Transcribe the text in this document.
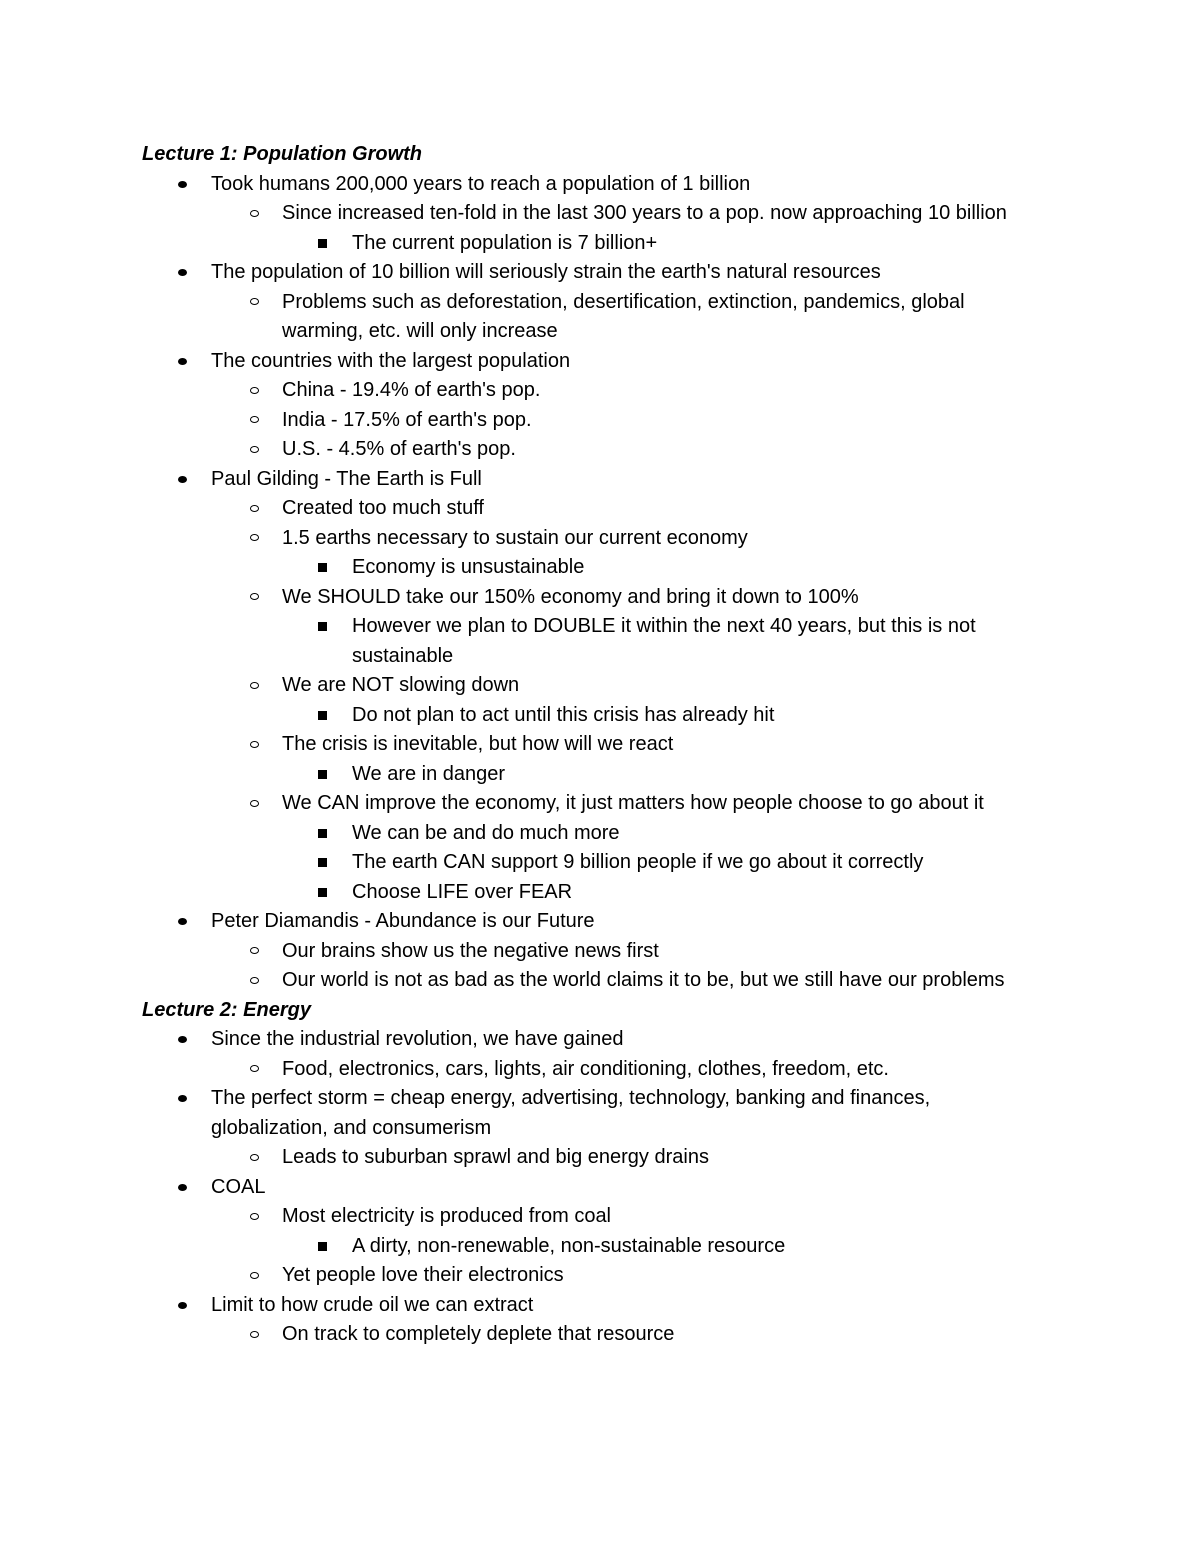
Lecture 1: Population Growth
Took humans 200,000 years to reach a population of 1 billion
Since increased ten-fold in the last 300 years to a pop. now approaching 10 billion
The current population is 7 billion+
The population of 10 billion will seriously strain the earth's natural resources
Problems such as deforestation, desertification, extinction, pandemics, global warming, etc. will only increase
The countries with the largest population
China - 19.4% of earth's pop.
India - 17.5% of earth's pop.
U.S. - 4.5% of earth's pop.
Paul Gilding - The Earth is Full
Created too much stuff
1.5 earths necessary to sustain our current economy
Economy is unsustainable
We SHOULD take our 150% economy and bring it down to 100%
However we plan to DOUBLE it within the next 40 years, but this is not sustainable
We are NOT slowing down
Do not plan to act until this crisis has already hit
The crisis is inevitable, but how will we react
We are in danger
We CAN improve the economy, it just matters how people choose to go about it
We can be and do much more
The earth CAN support 9 billion people if we go about it correctly
Choose LIFE over FEAR
Peter Diamandis - Abundance is our Future
Our brains show us the negative news first
Our world is not as bad as the world claims it to be, but we still have our problems
Lecture 2: Energy
Since the industrial revolution, we have gained
Food, electronics, cars, lights, air conditioning, clothes, freedom, etc.
The perfect storm = cheap energy, advertising, technology, banking and finances, globalization, and consumerism
Leads to suburban sprawl and big energy drains
COAL
Most electricity is produced from coal
A dirty, non-renewable, non-sustainable resource
Yet people love their electronics
Limit to how crude oil we can extract
On track to completely deplete that resource
